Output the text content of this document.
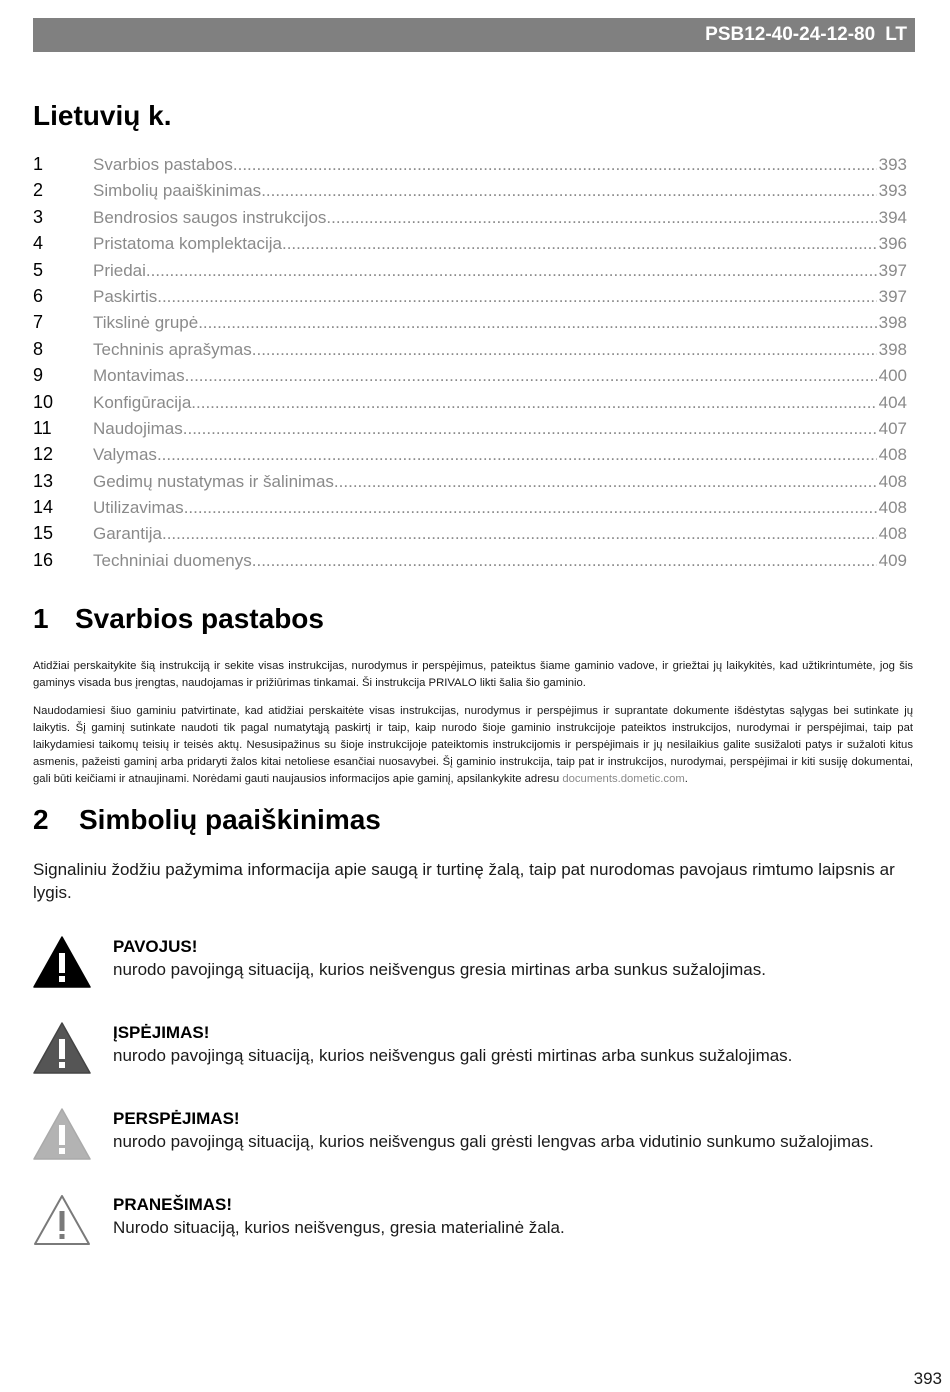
PSB12-40-24-12-80 LT
Lietuvių k.
1	Svarbios pastabos .....	393
2	Simbolių paaiškinimas .....	393
3	Bendrosios saugos instrukcijos .....	394
4	Pristatoma komplektacija .....	396
5	Priedai .....	397
6	Paskirtis .....	397
7	Tikslinė grupė .....	398
8	Techninis aprašymas .....	398
9	Montavimas .....	400
10	Konfigūracija .....	404
11	Naudojimas .....	407
12	Valymas .....	408
13	Gedimų nustatymas ir šalinimas .....	408
14	Utilizavimas .....	408
15	Garantija .....	408
16	Techniniai duomenys .....	409
1 Svarbios pastabos

Atidžiai perskaitykite šią instrukciją ir sekite visas instrukcijas, nurodymus ir perspėjimus, pateiktus šiame gaminio vadove, ir griežtai jų laikykitės, kad užtikrintumėte, jog šis gaminys visada bus įrengtas, naudojamas ir prižiūrimas tinkamai. Ši instrukcija PRIVALO likti šalia šio gaminio.

Naudodamiesi šiuo gaminiu patvirtinate, kad atidžiai perskaitėte visas instrukcijas, nurodymus ir perspėjimus ir suprantate dokumente išdėstytas sąlygas bei sutinkate jų laikytis. Šį gaminį sutinkate naudoti tik pagal numatytąją paskirtį ir taip, kaip nurodo šioje gaminio instrukcijoje pateiktos instrukcijos, nurodymai ir perspėjimai, taip pat laikydamiesi taikomų teisių ir teisės aktų. Nesusipažinus su šioje instrukcijoje pateiktomis instrukcijomis ir perspėjimais ir jų nesilaikius galite susižaloti patys ir sužaloti kitus asmenis, pažeisti gaminį arba pridaryti žalos kitai netoliese esančiai nuosavybei. Šį gaminio instrukcija, taip pat ir instrukcijos, nurodymai, perspėjimai ir kiti susiję dokumentai, gali būti keičiami ir atnaujinami. Norėdami gauti naujausios informacijos apie gaminį, apsilankykite adresu documents.dometic.com.

2	Simbolių paaiškinimas

Signaliniu žodžiu pažymima informacija apie saugą ir turtinę žalą, taip pat nurodomas pavojaus rimtumo laipsnis ar lygis.

PAVOJUS!
nurodo pavojingą situaciją, kurios neišvengus gresia mirtinas arba sunkus sužalojimas.
ĮSPĖJIMAS!
nurodo pavojingą situaciją, kurios neišvengus gali grėsti mirtinas arba sunkus sužalojimas.
PERSPĖJIMAS!
nurodo pavojingą situaciją, kurios neišvengus gali grėsti lengvas arba vidutinio sunkumo sužalojimas.
PRANEŠIMAS!
Nurodo situaciją, kurios neišvengus, gresia materialinė žala.
393
